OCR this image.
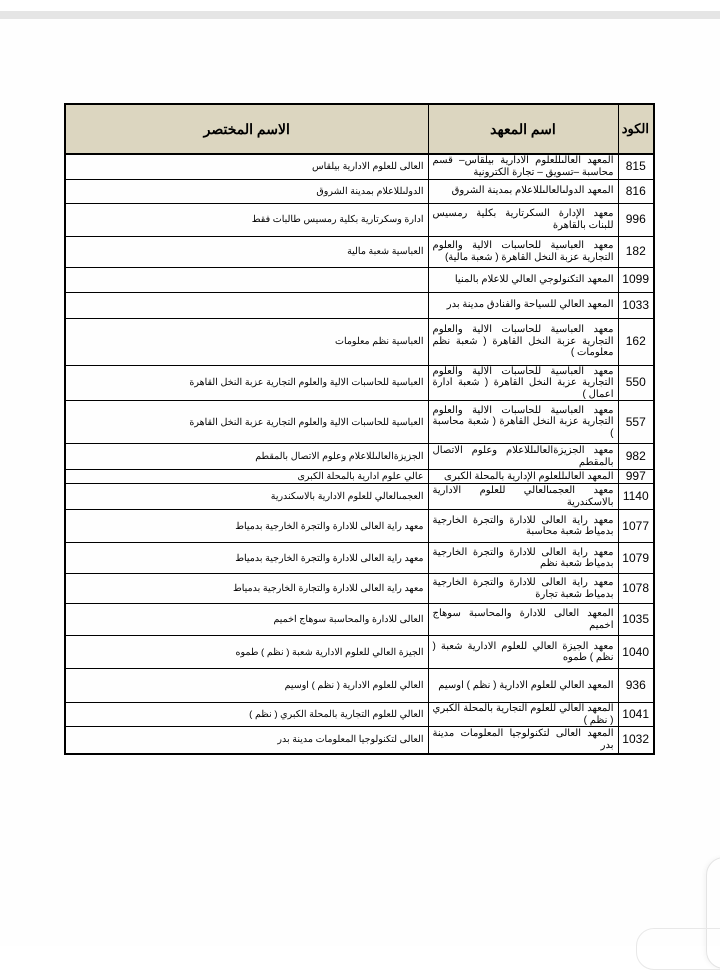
الكود	اسم المعهد	الاسم المختصر
815	المعهد العالىللعلوم الادارية بيلقاس– قسم محاسبة –تسويق – تجارة الكترونية	العالى للعلوم الادارية بيلقاس
816	المعهد الدولىالعالىللاعلام بمدينة الشروق	الدولىللاعلام بمدينة الشروق
996	معهد الإدارة السكرتارية بكلية رمسيس للبنات بالقاهرة	ادارة وسكرتارية بكلية رمسيس طالبات فقط
182	معهد العباسية للحاسبات الالية والعلوم التجارية عزبة النخل القاهرة ( شعبة مالية)	العباسية شعبة مالية
1099	المعهد التكنولوجي العالي للاعلام بالمنيا	
1033	المعهد العالي للسياحة والفنادق مدينة بدر	
162	معهد العباسية للحاسبات الالية والعلوم التجارية عزبة النخل القاهرة ( شعبة نظم معلومات )	العباسية نظم معلومات
550	معهد العباسية للحاسبات الالية والعلوم التجارية عزبة النخل القاهرة ( شعبة ادارة اعمال )	العباسية للحاسبات الالية والعلوم التجارية عزبة النخل القاهرة
557	معهد العباسية للحاسبات الالية والعلوم التجارية عزبة النخل القاهرة ( شعبة محاسبة )	العباسية للحاسبات الالية والعلوم التجارية عزبة النخل القاهرة
982	معهد الجزيزةالعالىللاعلام وعلوم الاتصال بالمقطم	الجزيزةالعالىللاعلام وعلوم الاتصال بالمقطم
997	المعهد العالىللعلوم الإدارية بالمحلة الكبرى	عالي علوم ادارية بالمحلة الكبرى
1140	معهد العجمىالعالي للعلوم الادارية بالاسكندرية	العجمىالعالي للعلوم الادارية بالاسكندرية
1077	معهد راية العالى للادارة والتجرة الخارجية بدمياط شعبة محاسبة	معهد راية العالى للادارة والتجرة الخارجية بدمياط
1079	معهد راية العالى للادارة والتجرة الخارجية بدمياط شعبة نظم	معهد راية العالى للادارة والتجرة الخارجية بدمياط
1078	معهد راية العالى للادارة والتجرة الخارجية بدمياط شعبة تجارة	معهد راية العالى للادارة والتجارة الخارجية بدمياط
1035	المعهد العالى للادارة والمحاسبة سوهاج اخميم	العالى للادارة والمحاسبة سوهاج اخميم
1040	معهد الجيزة العالي للعلوم الادارية شعبة ( نظم ) طموه	الجيزة العالي للعلوم الادارية شعبة ( نظم ) طموه
936	المعهد العالي للعلوم الادارية ( نظم ) اوسيم	العالي للعلوم الادارية ( نظم ) اوسيم
1041	المعهد العالي للعلوم التجارية بالمحلة الكبري ( نظم )	العالي للعلوم التجارية بالمحلة الكبري ( نظم )
1032	المعهد العالى لتكنولوجيا المعلومات مدينة بدر	العالى لتكنولوجيا المعلومات مدينة بدر
